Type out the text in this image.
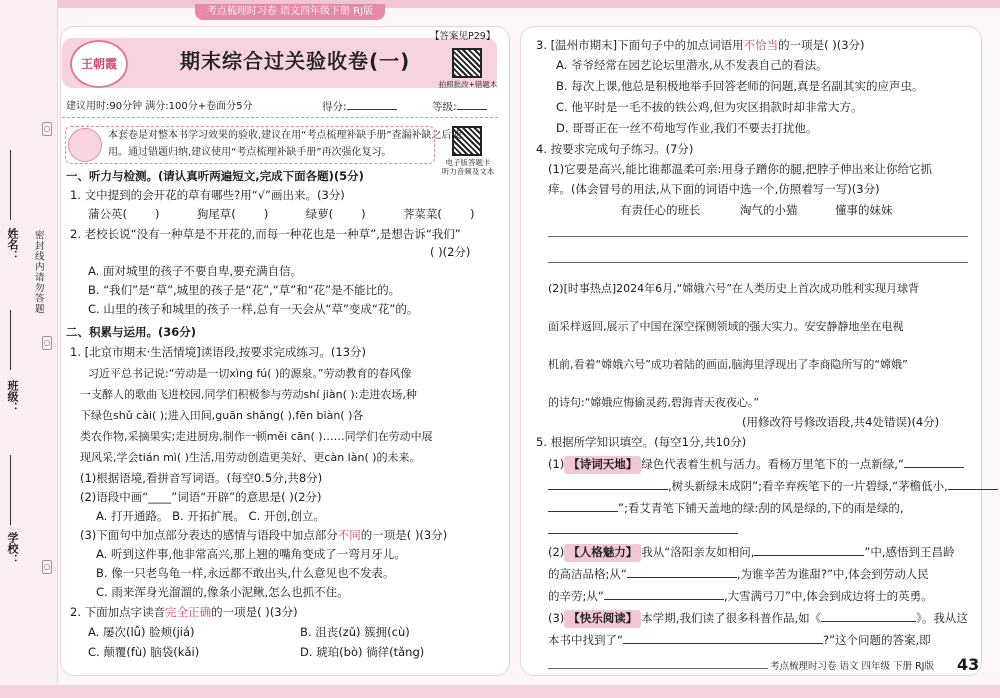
考点梳理时习卷 语文四年级下册 RJ版
姓名：
班级：
学校：
密封线内请勿答题
○
○
○
王朝霞	期末综合过关验收卷(一)
【答案见P29】
拍照批改+错题本
电子版答题卡
听力音频及文本
建议用时:90分钟 满分:100分+卷面分5分	得分:	等级:
本套卷是对整本书学习效果的验收,建议在用“考点梳理补缺手册”查漏补缺之后使
用。通过错题归纳,建议使用“考点梳理补缺手册”再次强化复习。
一、听力与检测。(请认真听两遍短文,完成下面各题)(5分)
1. 文中提到的会开花的草有哪些?用“√”画出来。(3分)
蒲公英( )	狗尾草( )	绿萝( )	荠菜菜( )
2. 老校长说“没有一种草是不开花的,而每一种花也是一种草”,是想告诉“我们”
( )(2分)
A. 面对城里的孩子不要自卑,要充满自信。
B. “我们”是“草”,城里的孩子是“花”,“草”和“花”是不能比的。
C. 山里的孩子和城里的孩子一样,总有一天会从“草”变成“花”的。
二、积累与运用。(36分)
1. [北京市期末·生活情境]读语段,按要求完成练习。(13分)
习近平总书记说:“劳动是一切xìng fú( )的源泉。”劳动教育的春风像
一支醉人的歌曲飞进校园,同学们积极参与劳动shí jiàn( ):走进农场,种
下绿色shǔ cài( );进入田间,guān shǎng( ),fēn biàn( )各
类农作物,采摘果实;走进厨房,制作一顿měi cān( )……同学们在劳动中展
现风采,学会tián mì( )生活,用劳动创造更美好、更càn làn( )的未来。
(1)根据语境,看拼音写词语。(每空0.5分,共8分)
(2)语段中画“____”词语“开辟”的意思是( )(2分)
A. 打开通路。 B. 开拓扩展。 C. 开创,创立。
(3)下面句中加点部分表达的感情与语段中加点部分不同的一项是( )(3分)
A. 听到这件事,他非常高兴,那上翘的嘴角变成了一弯月牙儿。
B. 像一只老鸟龟一样,永远都不敢出头,什么意见也不发表。
C. 雨来浑身光溜溜的,像条小泥鳅,怎么也抓不住。
2. 下面加点字读音完全正确的一项是( )(3分)
A. 屡次(lǚ) 脸颊(jiá)	B. 沮丧(zǔ) 簇拥(cù)
C. 颠覆(fù) 脑袋(kǎi)	D. 琥珀(bò) 徜徉(tǎng)
3. [温州市期末]下面句子中的加点词语用不恰当的一项是( )(3分)
A. 爷爷经常在园艺论坛里潜水,从不发表自己的看法。
B. 每次上课,他总是积极地举手回答老师的问题,真是名副其实的应声虫。
C. 他平时是一毛不拔的铁公鸡,但为灾区捐款时却非常大方。
D. 哥哥正在一丝不苟地写作业,我们不要去打扰他。
4. 按要求完成句子练习。(7分)
(1)它要是高兴,能比谁都温柔可亲:用身子蹭你的腿,把脖子伸出来让你给它抓
痒。(体会冒号的用法,从下面的词语中选一个,仿照着写一写)(3分)
有责任心的班长	淘气的小猫	懂事的妹妹
(2)[时事热点]2024年6月,“嫦娥六号”在人类历史上首次成功胜利实现月球背
面采样返回,展示了中国在深空探侧领域的强大实力。安安静静地坐在电视
机前,看着“嫦娥六号”成功着陆的画面,脑海里浮现出了李商隐所写的“嫦娥”
的诗句:“嫦娥应悔偷灵药,碧海青天夜夜心。”
(用修改符号修改语段,共4处错误)(4分)
5. 根据所学知识填空。(每空1分,共10分)
(1) 【诗词天地】 绿色代表着生机与活力。看杨万里笔下的一点新绿,“
,树头新绿未成阴”;看辛弃疾笔下的一片碧绿,“茅檐低小,
”;看艾青笔下铺天盖地的绿:刮的风是绿的,下的雨是绿的,
(2) 【人格魅力】 我从“洛阳亲友如相问,	”中,感悟到王昌龄
的高洁品格;从“	,为谁辛苦为谁甜?”中,体会到劳动人民
的辛劳;从“	,大雪满弓刀”中,体会到成边将士的英勇。
(3) 【快乐阅读】 本学期,我们读了很多科普作品,如《	》。我从这
本书中找到了“	?”这个问题的答案,即
考点梳理时习卷 语文 四年级 下册 RJ版 43
